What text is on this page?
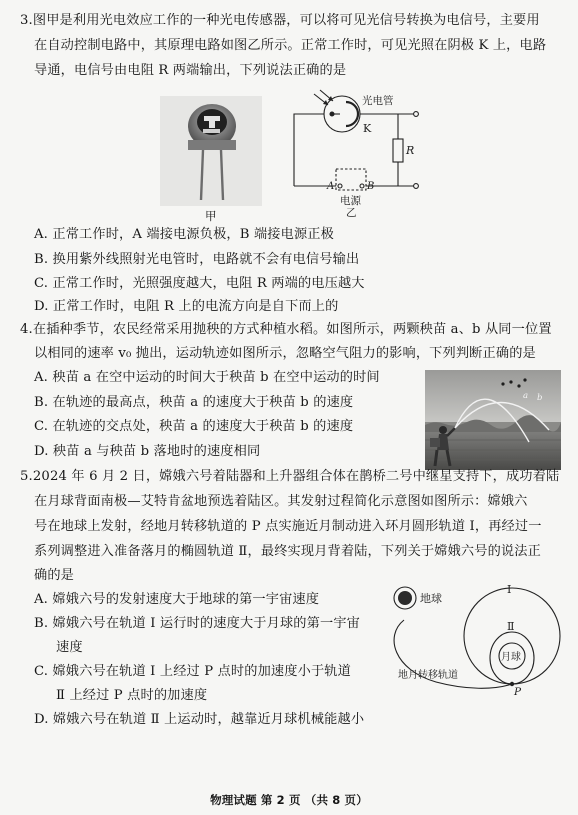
3.图甲是利用光电效应工作的一种光电传感器，可以将可见光信号转换为电信号，主要用
在自动控制电路中，其原理电路如图乙所示。正常工作时，可见光照在阴极 K 上，电路
导通，电信号由电阻 R 两端输出，下列说法正确的是
甲
光电管
K
R
A	B
电源
乙
A. 正常工作时，A 端接电源负极，B 端接电源正极
B. 换用紫外线照射光电管时，电路就不会有电信号输出
C. 正常工作时，光照强度越大，电阻 R 两端的电压越大
D. 正常工作时，电阻 R 上的电流方向是自下而上的
4.在插种季节，农民经常采用抛秧的方式种植水稻。如图所示，两颗秧苗 a、b 从同一位置
以相同的速率 v₀ 抛出，运动轨迹如图所示，忽略空气阻力的影响，下列判断正确的是
A. 秧苗 a 在空中运动的时间大于秧苗 b 在空中运动的时间
B. 在轨迹的最高点，秧苗 a 的速度大于秧苗 b 的速度
C. 在轨迹的交点处，秧苗 a 的速度大于秧苗 b 的速度
D. 秧苗 a 与秧苗 b 落地时的速度相同
a b
5.2024 年 6 月 2 日，嫦娥六号着陆器和上升器组合体在鹊桥二号中继星支持下，成功着陆
在月球背面南极—艾特肯盆地预选着陆区。其发射过程简化示意图如图所示：嫦娥六
号在地球上发射，经地月转移轨道的 P 点实施近月制动进入环月圆形轨道 Ⅰ，再经过一
系列调整进入准备落月的椭圆轨道 Ⅱ，最终实现月背着陆，下列关于嫦娥六号的说法正
确的是
A. 嫦娥六号的发射速度大于地球的第一宇宙速度
B. 嫦娥六号在轨道 Ⅰ 运行时的速度大于月球的第一宇宙
速度
C. 嫦娥六号在轨道 Ⅰ 上经过 P 点时的加速度小于轨道
Ⅱ 上经过 P 点时的加速度
D. 嫦娥六号在轨道 Ⅱ 上运动时，越靠近月球机械能越小
地球
月球
Ⅰ
Ⅱ
地月转移轨道
P
物理试题 第 2 页 （共 8 页）
